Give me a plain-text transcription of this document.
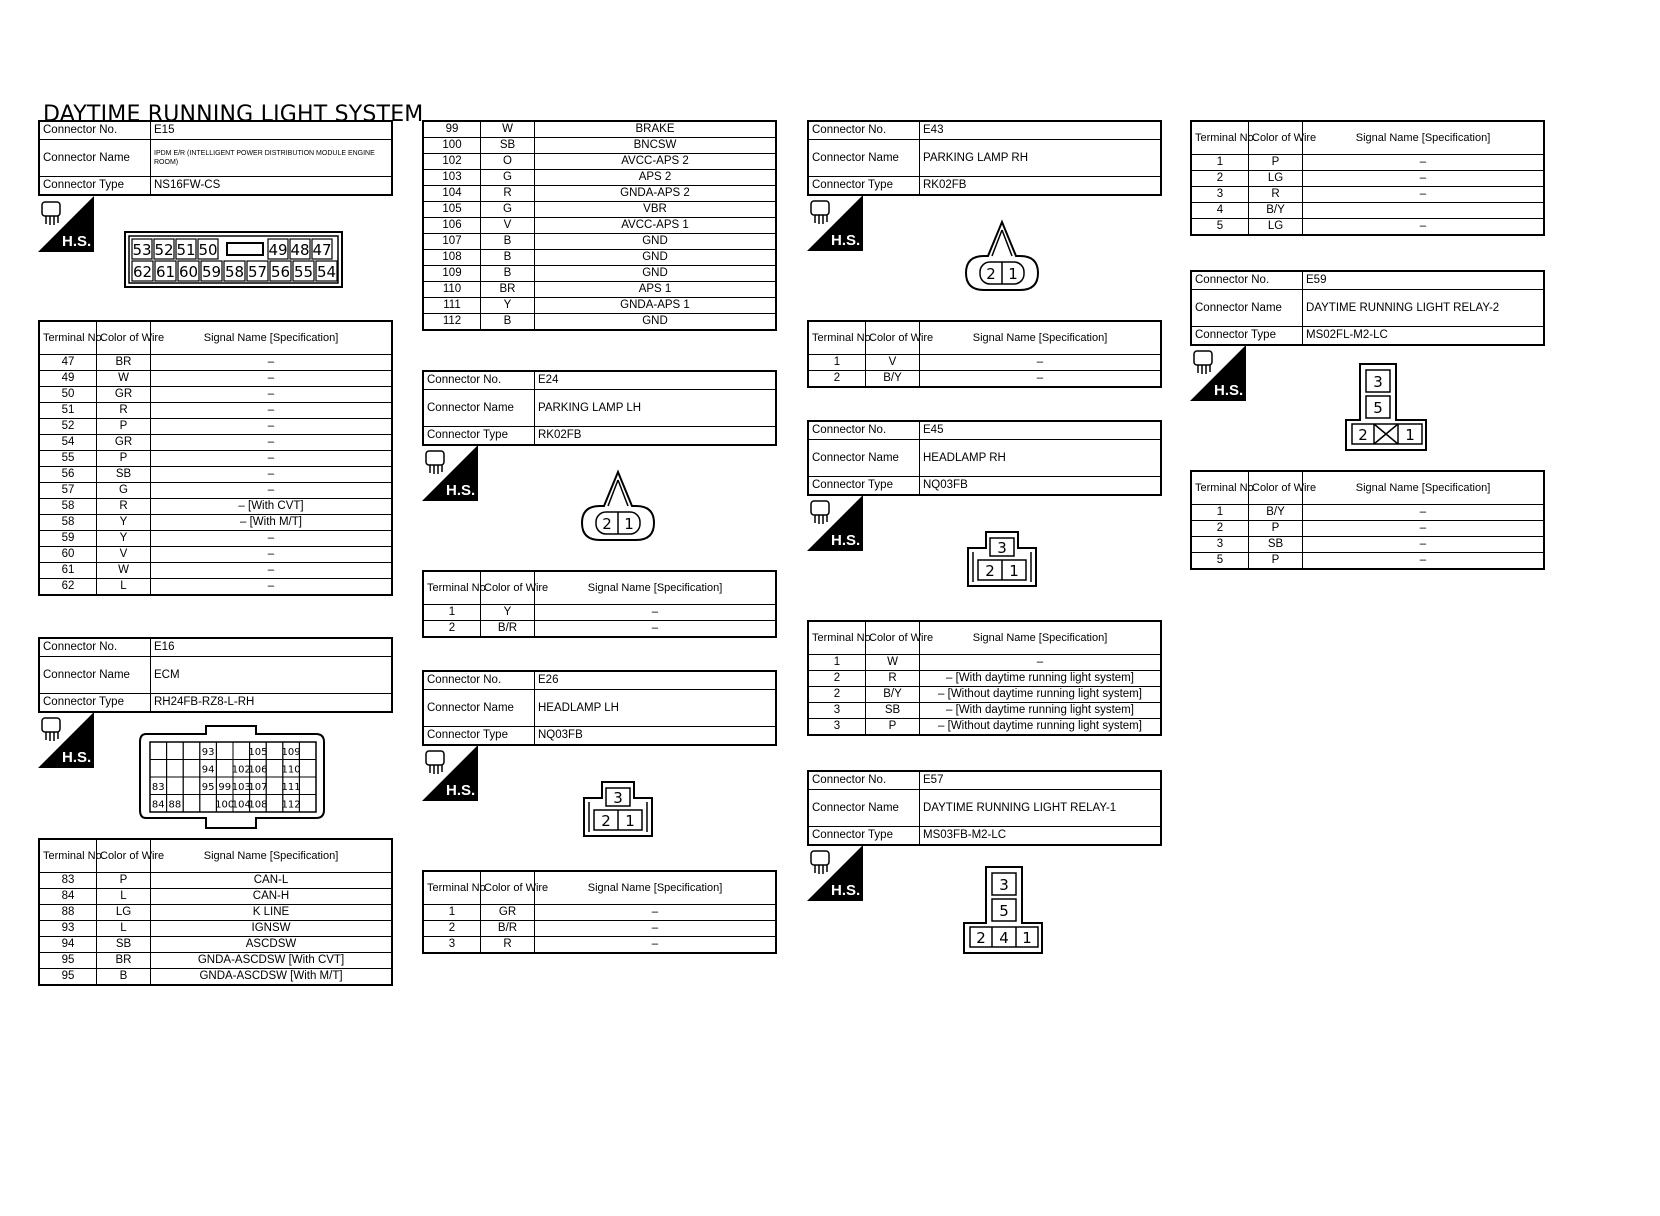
DAYTIME RUNNING LIGHT SYSTEM
Connector No.	E15
Connector Name	IPDM E/R (INTELLIGENT POWER DISTRIBUTION MODULE ENGINE ROOM)
Connector Type	NS16FW-CS
H.S.	53 52 51 50	49 48 47
62 61 60 59 58 57 56 55 54
Terminal No.	Color of Wire	Signal Name [Specification]
47	BR	–
49	W	–
50	GR	–
51	R	–
52	P	–
54	GR	–
55	P	–
56	SB	–
57	G	–
58	R	– [With CVT]
58	Y	– [With M/T]
59	Y	–
60	V	–
61	W	–
62	L	–
Connector No.	E16
Connector Name	ECM
Connector Type	RH24FB-RZ8-L-RH
H.S.	93	105 109
94 102
106 110
95 99 103
107 111
83
84 88	100
104
108 112
Terminal No.	Color of Wire	Signal Name [Specification]
83	P	CAN-L
84	L	CAN-H
88	LG	K LINE
93	L	IGNSW
94	SB	ASCDSW
95	BR	GNDA-ASCDSW [With CVT]
95	B	GNDA-ASCDSW [With M/T]
99	W	BRAKE
100	SB	BNCSW
102	O	AVCC-APS 2
103	G	APS 2
104	R	GNDA-APS 2
105	G	VBR
106	V	AVCC-APS 1
107	B	GND
108	B	GND
109	B	GND
110	BR	APS 1
111	Y	GNDA-APS 1
112	B	GND
Connector No.	E24
Connector Name	PARKING LAMP LH
Connector Type	RK02FB
H.S.
2 1
Terminal No.	Color of Wire	Signal Name [Specification]
1	Y	–
2	B/R	–
Connector No.	E26
Connector Name	HEADLAMP LH
Connector Type	NQ03FB
H.S.	3
2 1
Terminal No.	Color of Wire	Signal Name [Specification]
1	GR	–
2	B/R	–
3	R	–
Connector No.	E43
Connector Name	PARKING LAMP RH
Connector Type	RK02FB
H.S.
2 1
Terminal No.	Color of Wire	Signal Name [Specification]
1	V	–
2	B/Y	–
Connector No.	E45
Connector Name	HEADLAMP RH
Connector Type	NQ03FB
H.S.	3
2 1
Terminal No.	Color of Wire	Signal Name [Specification]
1	W	–
2	R	– [With daytime running light system]
2	B/Y	– [Without daytime running light system]
3	SB	– [With daytime running light system]
3	P	– [Without daytime running light system]
Connector No.	E57
Connector Name	DAYTIME RUNNING LIGHT RELAY-1
Connector Type	MS03FB-M2-LC
H.S.	3
5
2 4 1
Terminal No.	Color of Wire	Signal Name [Specification]
1	P	–
2	LG	–
3	R	–
4	B/Y	
5	LG	–
Connector No.	E59
Connector Name	DAYTIME RUNNING LIGHT RELAY-2
Connector Type	MS02FL-M2-LC
H.S.	3
5
2 1
Terminal No.	Color of Wire	Signal Name [Specification]
1	B/Y	–
2	P	–
3	SB	–
5	P	–
